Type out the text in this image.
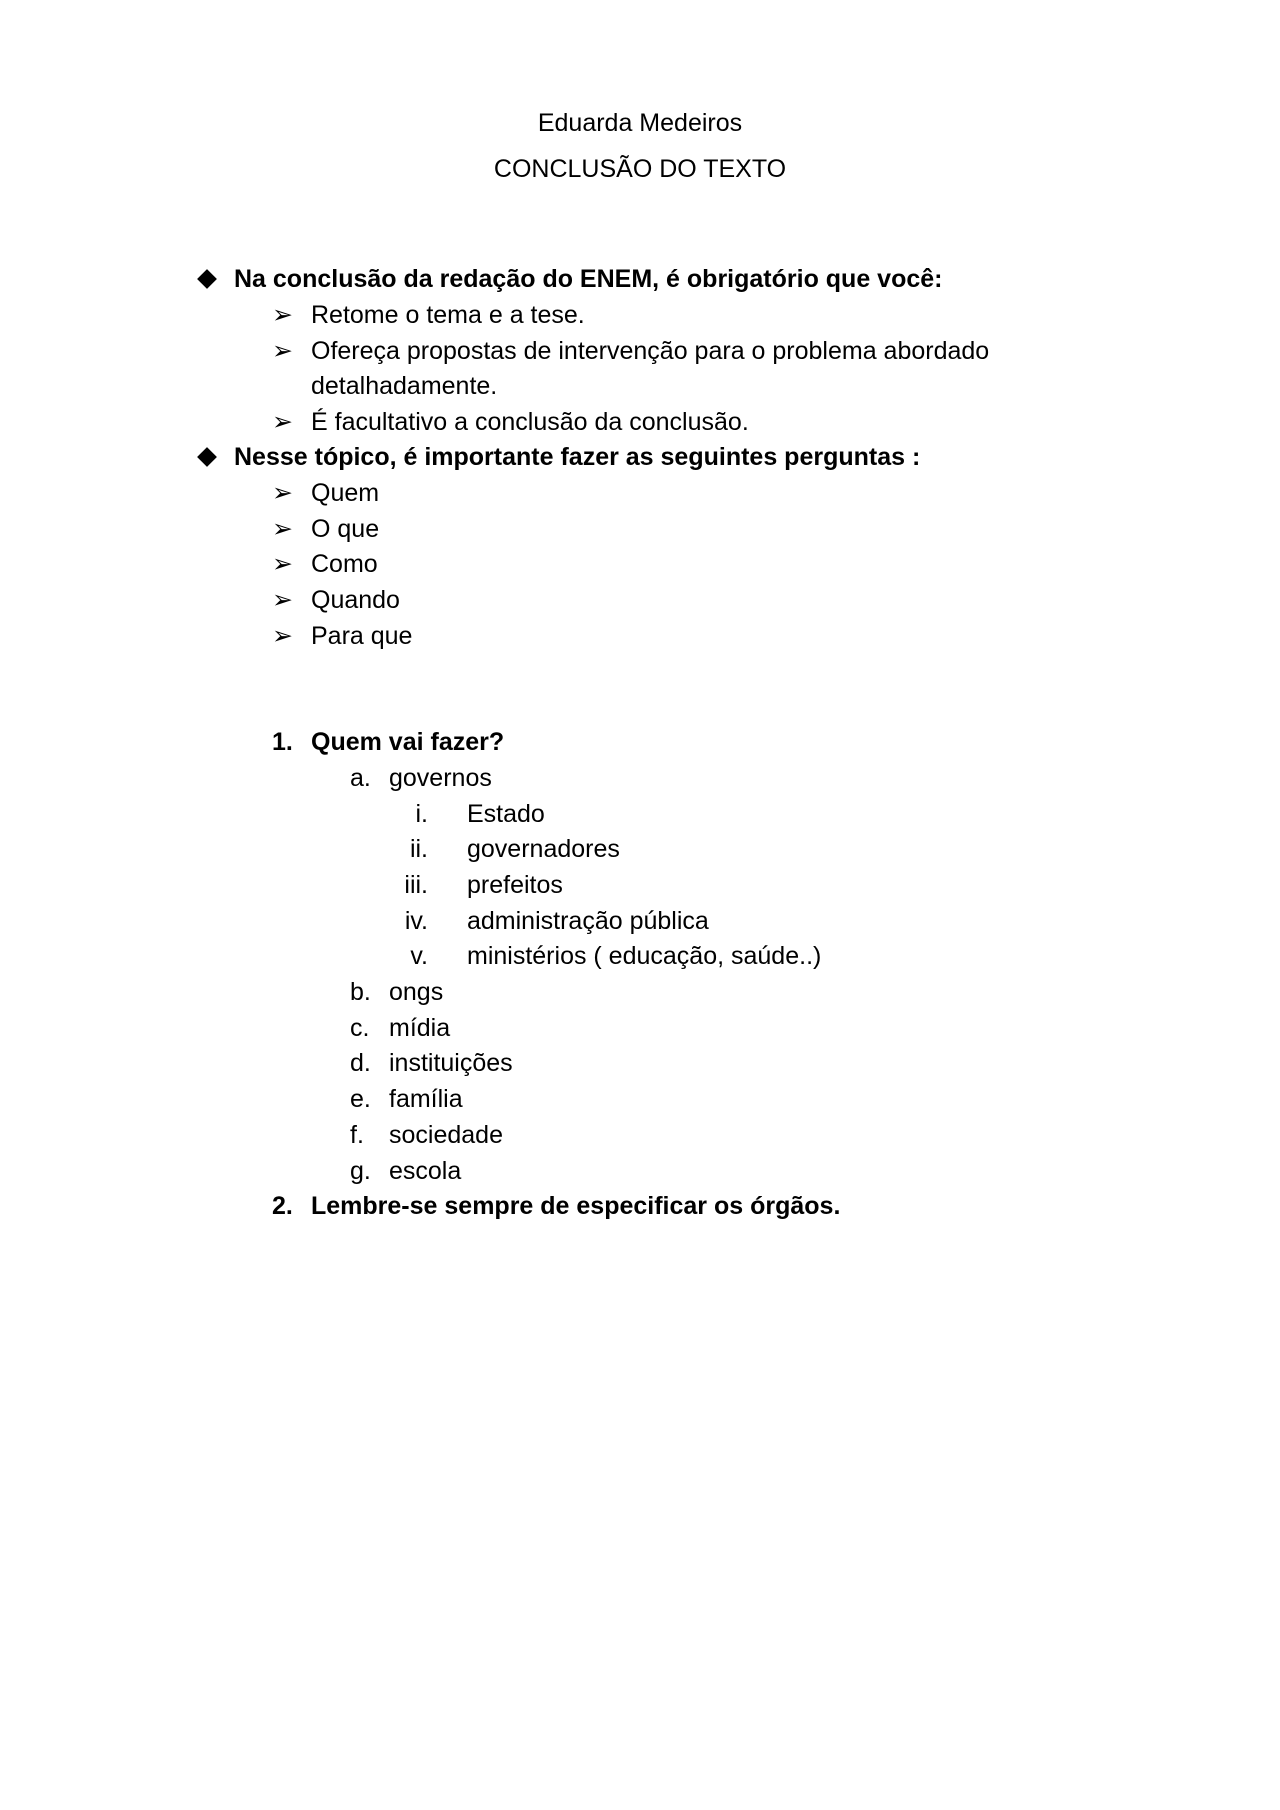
Eduarda Medeiros
CONCLUSÃO DO TEXTO
Na conclusão da redação do ENEM, é obrigatório que você:
➢ Retome o tema e a tese.
➢ Ofereça propostas de intervenção para o problema abordado
detalhadamente.
➢ É facultativo a conclusão da conclusão.
Nesse tópico, é importante fazer as seguintes perguntas :
➢ Quem
➢ O que
➢ Como
➢ Quando
➢ Para que
1. Quem vai fazer?
a. governos
i. Estado
ii. governadores
iii. prefeitos
iv. administração pública
v. ministérios ( educação, saúde..)
b. ongs
c. mídia
d. instituições
e. família
f. sociedade
g. escola
2. Lembre-se sempre de especificar os órgãos.
